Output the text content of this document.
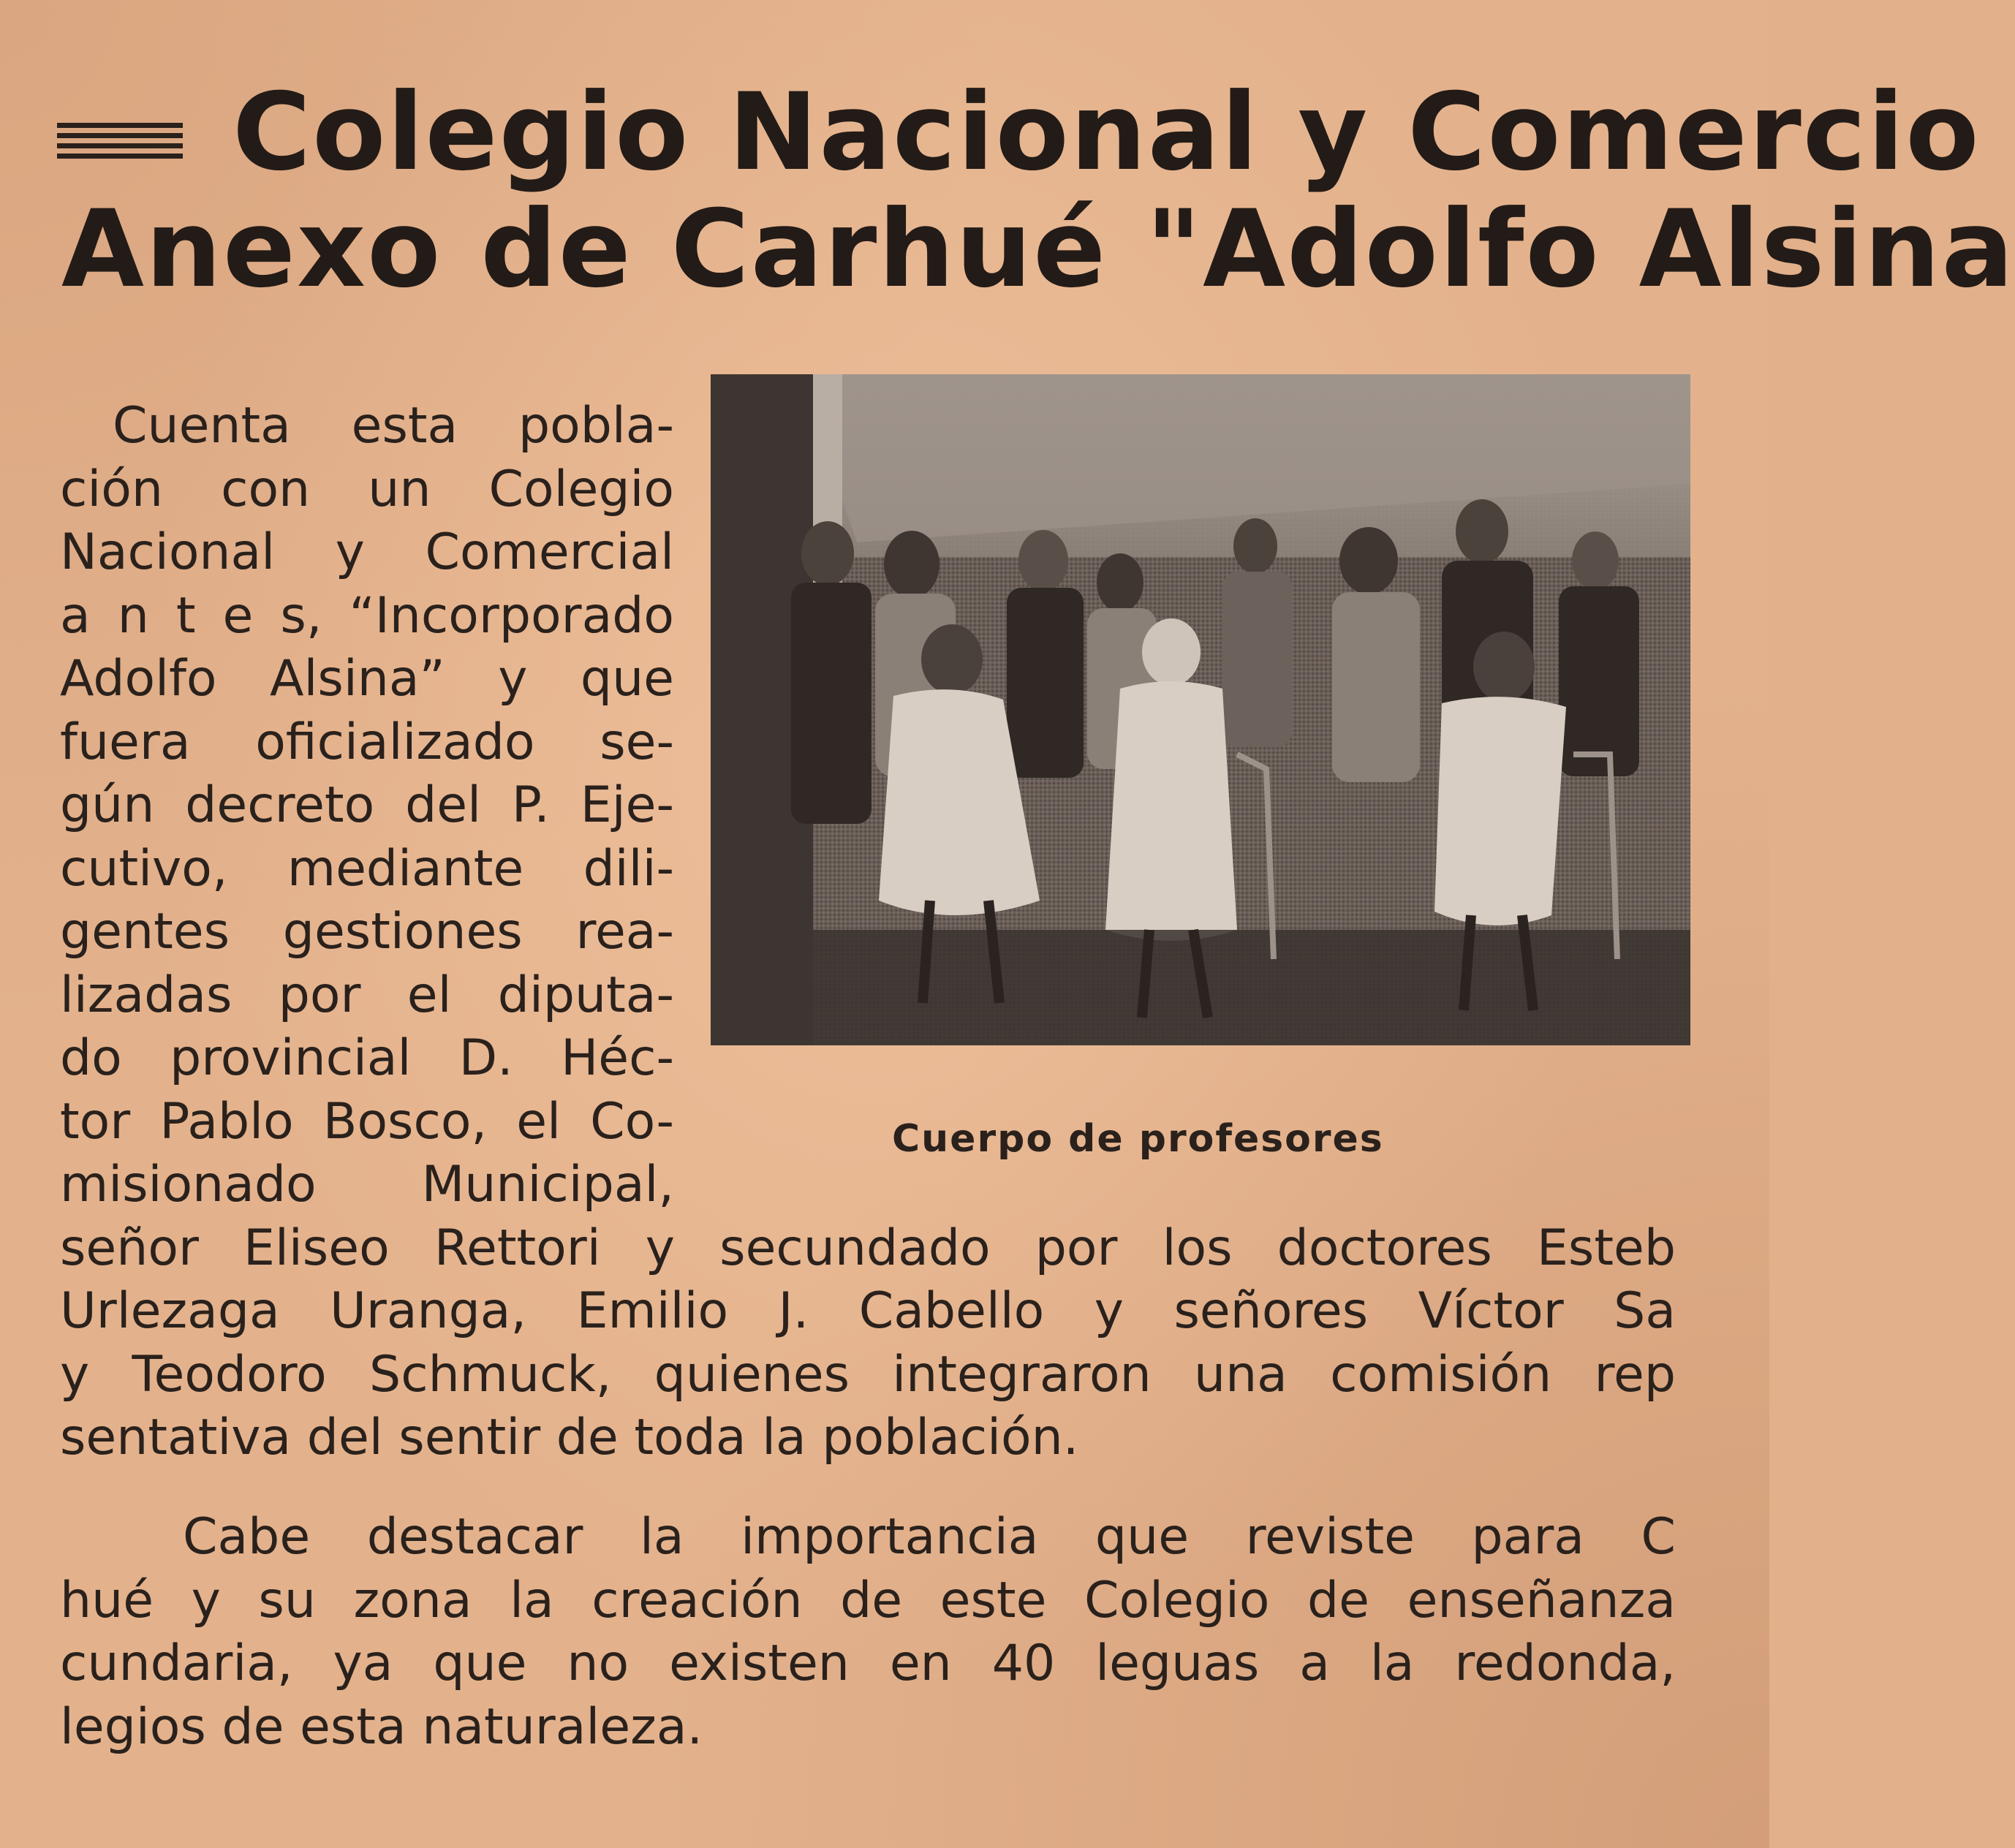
Colegio Nacional y Comercio
Anexo de Carhué "Adolfo Alsina
Cuerpo de profesores
Cuenta esta pobla-
ción con un Colegio
Nacional y Comercial
a n t e s, “Incorporado
Adolfo Alsina” y que
fuera oficializado se-
gún decreto del P. Eje-
cutivo, mediante dili-
gentes gestiones rea-
lizadas por el diputa-
do provincial D. Héc-
tor Pablo Bosco, el Co-
misionado Municipal,
señor Eliseo Rettori y secundado por los doctores Esteb
Urlezaga Uranga, Emilio J. Cabello y señores Víctor Sa
y Teodoro Schmuck, quienes integraron una comisión rep
sentativa del sentir de toda la población.
Cabe destacar la importancia que reviste para C
hué y su zona la creación de este Colegio de enseñanza
cundaria, ya que no existen en 40 leguas a la redonda,
legios de esta naturaleza.
